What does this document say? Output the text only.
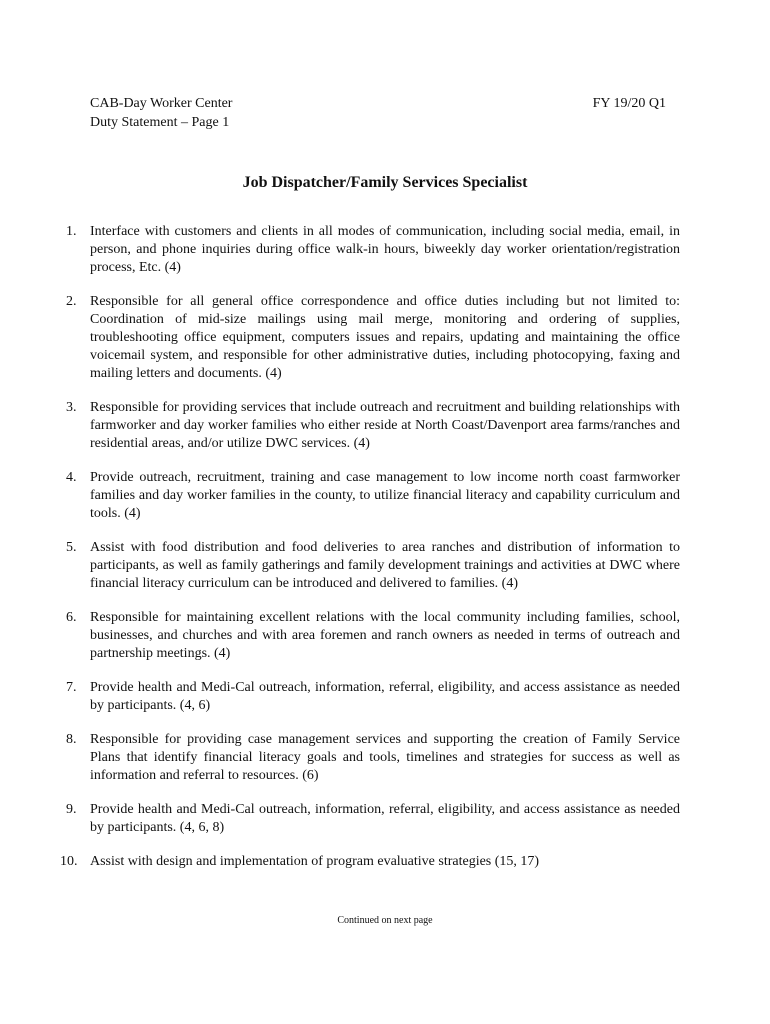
CAB-Day Worker Center
Duty Statement – Page 1
FY 19/20 Q1
Job Dispatcher/Family Services Specialist
1. Interface with customers and clients in all modes of communication, including social media, email, in person, and phone inquiries during office walk-in hours, biweekly day worker orientation/registration process, Etc. (4)
2. Responsible for all general office correspondence and office duties including but not limited to: Coordination of mid-size mailings using mail merge, monitoring and ordering of supplies, troubleshooting office equipment, computers issues and repairs, updating and maintaining the office voicemail system, and responsible for other administrative duties, including photocopying, faxing and mailing letters and documents. (4)
3. Responsible for providing services that include outreach and recruitment and building relationships with farmworker and day worker families who either reside at North Coast/Davenport area farms/ranches and residential areas, and/or utilize DWC services. (4)
4. Provide outreach, recruitment, training and case management to low income north coast farmworker families and day worker families in the county, to utilize financial literacy and capability curriculum and tools. (4)
5. Assist with food distribution and food deliveries to area ranches and distribution of information to participants, as well as family gatherings and family development trainings and activities at DWC where financial literacy curriculum can be introduced and delivered to families. (4)
6. Responsible for maintaining excellent relations with the local community including families, school, businesses, and churches and with area foremen and ranch owners as needed in terms of outreach and partnership meetings. (4)
7. Provide health and Medi-Cal outreach, information, referral, eligibility, and access assistance as needed by participants. (4, 6)
8. Responsible for providing case management services and supporting the creation of Family Service Plans that identify financial literacy goals and tools, timelines and strategies for success as well as information and referral to resources. (6)
9. Provide health and Medi-Cal outreach, information, referral, eligibility, and access assistance as needed by participants. (4, 6, 8)
10. Assist with design and implementation of program evaluative strategies (15, 17)
Continued on next page
